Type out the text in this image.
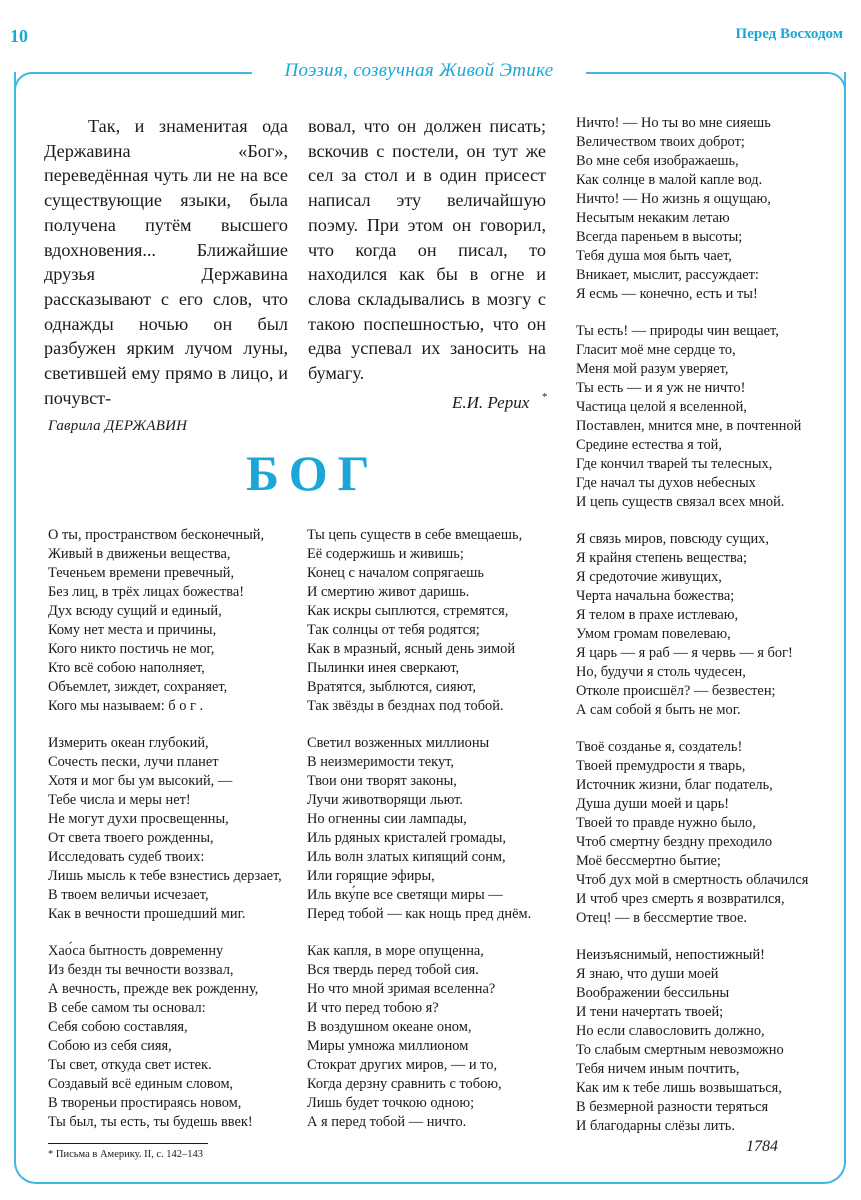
10	Перед Восходом
Поэзия, созвучная Живой Этике
Так, и знаменитая ода Державина «Бог», переведённая чуть ли не на все существующие языки, была получена путём высшего вдохновения... Ближайшие друзья Державина рассказывают с его слов, что однажды ночью он был разбужен ярким лучом луны, светившей ему прямо в лицо, и почувст-
вовал, что он должен писать; вскочив с постели, он тут же сел за стол и в один присест написал эту величайшую поэму. При этом он говорил, что когда он писал, то находился как бы в огне и слова складывались в мозгу с такою поспешностью, что он едва успевал их заносить на бумагу.
Е.И. Рерих *
Гаврила ДЕРЖАВИН
БОГ
О ты, пространством бесконечный,
Живый в движеньи вещества,
Теченьем времени превечный,
Без лиц, в трёх лицах божества!
Дух всюду сущий и единый,
Кому нет места и причины,
Кого никто постичь не мог,
Кто всё собою наполняет,
Объемлет, зиждет, сохраняет,
Кого мы называем: б о г .
Измерить океан глубокий,
Сочесть пески, лучи планет
Хотя и мог бы ум высокий, —
Тебе числа и меры нет!
Не могут духи просвещенны,
От света твоего рожденны,
Исследовать судеб твоих:
Лишь мысль к тебе взнестись дерзает,
В твоем величьи исчезает,
Как в вечности прошедший миг.
Хао́са бытность довременну
Из бездн ты вечности воззвал,
А вечность, прежде век рожденну,
В себе самом ты основал:
Себя собою составляя,
Собою из себя сияя,
Ты свет, откуда свет истек.
Создавый всё единым словом,
В твореньи простираясь новом,
Ты был, ты есть, ты будешь ввек!
Ты цепь существ в себе вмещаешь,
Её содержишь и живишь;
Конец с началом сопрягаешь
И смертию живот даришь.
Как искры сыплются, стремятся,
Так солнцы от тебя родятся;
Как в мразный, ясный день зимой
Пылинки инея сверкают,
Вратятся, зыблются, сияют,
Так звёзды в безднах под тобой.
Светил возженных миллионы
В неизмеримости текут,
Твои они творят законы,
Лучи животворящи льют.
Но огненны сии лампады,
Иль рдяных кристалей громады,
Иль волн златых кипящий сонм,
Или горящие эфиры,
Иль вку́пе все светящи миры —
Перед тобой — как нощь пред днём.
Как капля, в море опущенна,
Вся твердь перед тобой сия.
Но что мной зримая вселенна?
И что перед тобою я?
В воздушном океане оном,
Миры умножа миллионом
Стократ других миров, — и то,
Когда дерзну сравнить с тобою,
Лишь будет точкою одною;
А я перед тобой — ничто.
Ничто! — Но ты во мне сияешь
Величеством твоих доброт;
Во мне себя изображаешь,
Как солнце в малой капле вод.
Ничто! — Но жизнь я ощущаю,
Несытым некаким летаю
Всегда пареньем в высоты;
Тебя душа моя быть чает,
Вникает, мыслит, рассуждает:
Я есмь — конечно, есть и ты!
Ты есть! — природы чин вещает,
Гласит моё мне сердце то,
Меня мой разум уверяет,
Ты есть — и я уж не ничто!
Частица целой я вселенной,
Поставлен, мнится мне, в почтенной
Средине естества я той,
Где кончил тварей ты телесных,
Где начал ты духов небесных
И цепь существ связал всех мной.
Я связь миров, повсюду сущих,
Я крайня степень вещества;
Я средоточие живущих,
Черта начальна божества;
Я телом в прахе истлеваю,
Умом громам повелеваю,
Я царь — я раб — я червь — я бог!
Но, будучи я столь чудесен,
Отколе происшёл? — безвестен;
А сам собой я быть не мог.
Твоё созданье я, создатель!
Твоей премудрости я тварь,
Источник жизни, благ податель,
Душа души моей и царь!
Твоей то правде нужно было,
Чтоб смертну бездну преходило
Моё бессмертно бытие;
Чтоб дух мой в смертность облачился
И чтоб чрез смерть я возвратился,
Отец! — в бессмертие твое.
Неизъяснимый, непостижный!
Я знаю, что души моей
Воображении бессильны
И тени начертать твоей;
Но если славословить должно,
То слабым смертным невозможно
Тебя ничем иным почтить,
Как им к тебе лишь возвышаться,
В безмерной разности теряться
И благодарны слёзы лить.
* Письма в Америку. II, с. 142–143	1784
